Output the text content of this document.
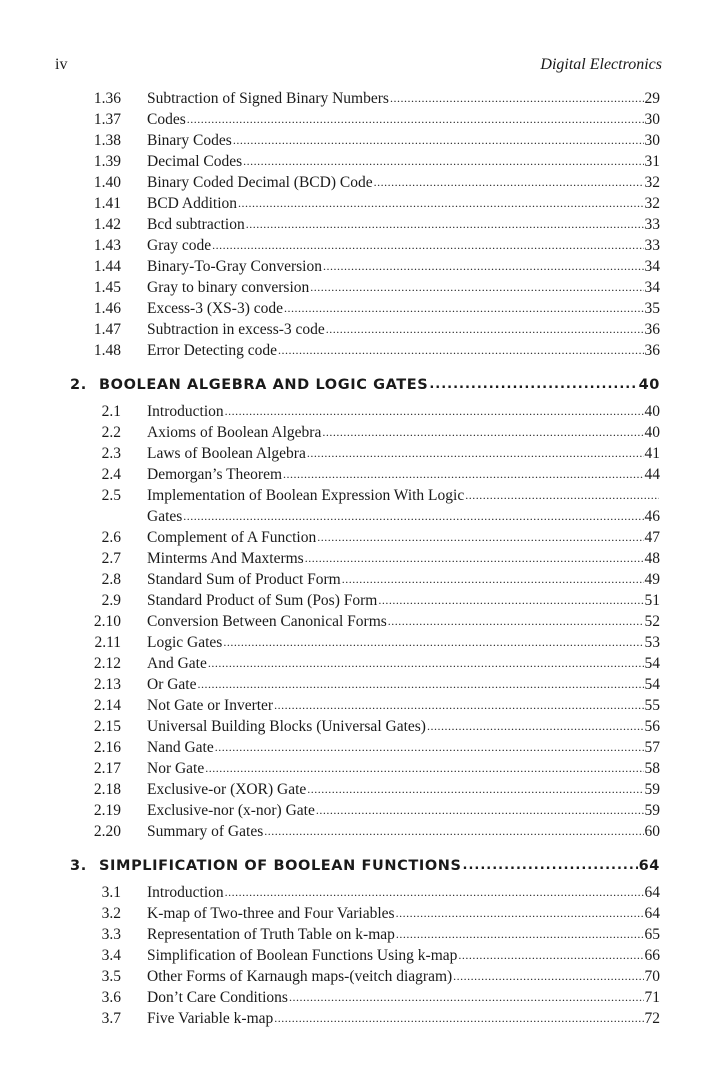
iv	Digital Electronics
1.36 Subtraction of Signed Binary Numbers .....	29
1.37 Codes .....	30
1.38 Binary Codes .....	30
1.39 Decimal Codes .....	31
1.40 Binary Coded Decimal (BCD) Code .....	32
1.41 BCD Addition .....	32
1.42 Bcd subtraction .....	33
1.43 Gray code .....	33
1.44 Binary-To-Gray Conversion .....	34
1.45 Gray to binary conversion .....	34
1.46 Excess-3 (XS-3) code .....	35
1.47 Subtraction in excess-3 code .....	36
1.48 Error Detecting code .....	36
2. BOOLEAN ALGEBRA AND LOGIC GATES .....	40
2.1 Introduction .....	40
2.2 Axioms of Boolean Algebra .....	40
2.3 Laws of Boolean Algebra .....	41
2.4 Demorgan’s Theorem .....	44
2.5 Implementation of Boolean Expression With Logic
.....
Gates .....	46
2.6 Complement of A Function .....	47
2.7 Minterms And Maxterms .....	48
2.8 Standard Sum of Product Form .....	49
2.9 Standard Product of Sum (Pos) Form .....	51
2.10 Conversion Between Canonical Forms .....	52
2.11 Logic Gates .....	53
2.12 And Gate .....	54
2.13 Or Gate .....	54
2.14 Not Gate or Inverter .....	55
2.15 Universal Building Blocks (Universal Gates) .....	56
2.16 Nand Gate .....	57
2.17 Nor Gate .....	58
2.18 Exclusive-or (XOR) Gate .....	59
2.19 Exclusive-nor (x-nor) Gate .....	59
2.20 Summary of Gates .....	60
3. SIMPLIFICATION OF BOOLEAN FUNCTIONS .....	64
3.1 Introduction .....	64
3.2 K-map of Two-three and Four Variables .....	64
3.3 Representation of Truth Table on k-map .....	65
3.4 Simplification of Boolean Functions Using k-map .....	66
3.5 Other Forms of Karnaugh maps-(veitch diagram) .....	70
3.6 Don’t Care Conditions .....	71
3.7 Five Variable k-map .....	72
